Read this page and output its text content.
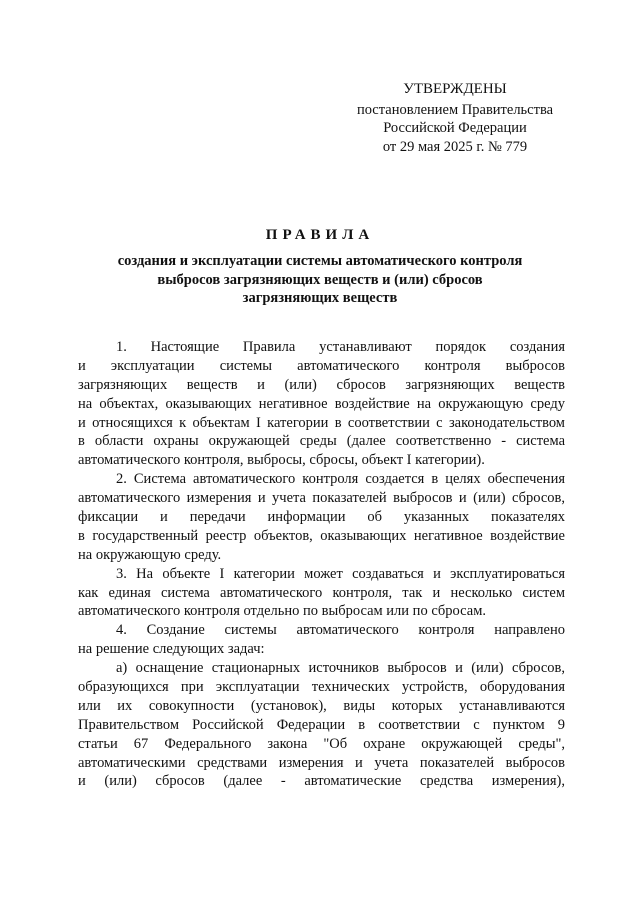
УТВЕРЖДЕНЫ
постановлением Правительства
Российской Федерации
от 29 мая 2025 г. № 779
ПРАВИЛА
создания и эксплуатации системы автоматического контроля
выбросов загрязняющих веществ и (или) сбросов
загрязняющих веществ
1. Настоящие Правила устанавливают порядок создания
и эксплуатации системы автоматического контроля выбросов
загрязняющих веществ и (или) сбросов загрязняющих веществ
на объектах, оказывающих негативное воздействие на окружающую среду
и относящихся к объектам I категории в соответствии с законодательством
в области охраны окружающей среды (далее соответственно - система
автоматического контроля, выбросы, сбросы, объект I категории).
2. Система автоматического контроля создается в целях обеспечения
автоматического измерения и учета показателей выбросов и (или) сбросов,
фиксации и передачи информации об указанных показателях
в государственный реестр объектов, оказывающих негативное воздействие
на окружающую среду.
3. На объекте I категории может создаваться и эксплуатироваться
как единая система автоматического контроля, так и несколько систем
автоматического контроля отдельно по выбросам или по сбросам.
4. Создание системы автоматического контроля направлено
на решение следующих задач:
а) оснащение стационарных источников выбросов и (или) сбросов,
образующихся при эксплуатации технических устройств, оборудования
или их совокупности (установок), виды которых устанавливаются
Правительством Российской Федерации в соответствии с пунктом 9
статьи 67 Федерального закона "Об охране окружающей среды",
автоматическими средствами измерения и учета показателей выбросов
и (или) сбросов (далее - автоматические средства измерения),
